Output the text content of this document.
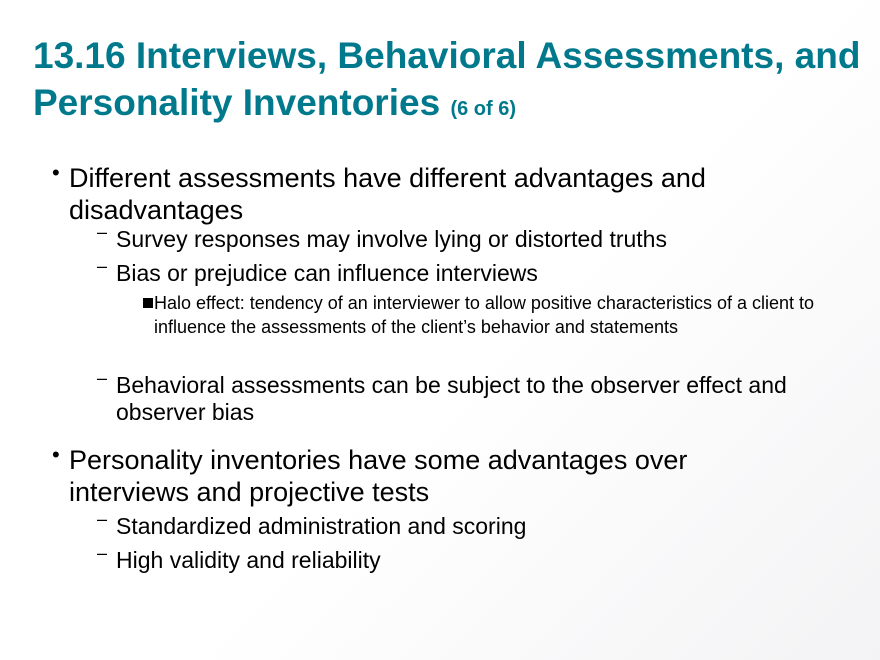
13.16 Interviews, Behavioral Assessments, and Personality Inventories (6 of 6)
• Different assessments have different advantages and disadvantages
– Survey responses may involve lying or distorted truths
– Bias or prejudice can influence interviews
Halo effect: tendency of an interviewer to allow positive characteristics of a client to influence the assessments of the client’s behavior and statements
– Behavioral assessments can be subject to the observer effect and observer bias
• Personality inventories have some advantages over interviews and projective tests
– Standardized administration and scoring
– High validity and reliability
